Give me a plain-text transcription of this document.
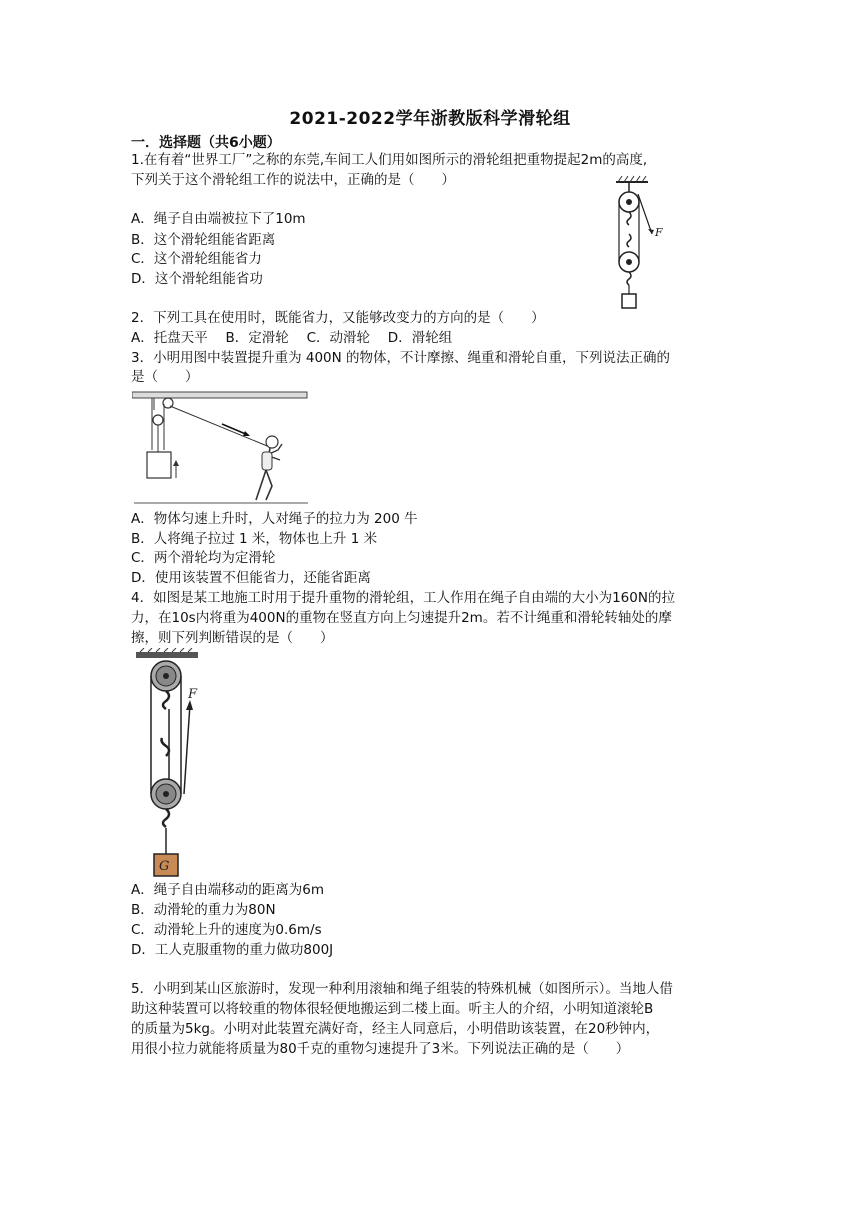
2021-2022学年浙教版科学滑轮组
一．选择题（共6小题）
1.在有着“世界工厂”之称的东莞,车间工人们用如图所示的滑轮组把重物提起2m的高度,
下列关于这个滑轮组工作的说法中，正确的是（　　）
A．绳子自由端被拉下了10m
B．这个滑轮组能省距离
C．这个滑轮组能省力
D．这个滑轮组能省功
F
2．下列工具在使用时，既能省力，又能够改变力的方向的是（　　）
A．托盘天平　 B．定滑轮　 C．动滑轮　 D．滑轮组
3．小明用图中装置提升重为 400N 的物体，不计摩擦、绳重和滑轮自重，下列说法正确的
是（　　）
A．物体匀速上升时，人对绳子的拉力为 200 牛
B．人将绳子拉过 1 米，物体也上升 1 米
C．两个滑轮均为定滑轮
D．使用该装置不但能省力，还能省距离
4．如图是某工地施工时用于提升重物的滑轮组，工人作用在绳子自由端的大小为160N的拉
力，在10s内将重为400N的重物在竖直方向上匀速提升2m。若不计绳重和滑轮转轴处的摩
擦，则下列判断错误的是（　　）
F
G
A．绳子自由端移动的距离为6m
B．动滑轮的重力为80N
C．动滑轮上升的速度为0.6m/s
D．工人克服重物的重力做功800J
5．小明到某山区旅游时，发现一种利用滚轴和绳子组装的特殊机械（如图所示）。当地人借
助这种装置可以将较重的物体很轻便地搬运到二楼上面。听主人的介绍，小明知道滚轮B
的质量为5kg。小明对此装置充满好奇，经主人同意后，小明借助该装置，在20秒钟内，
用很小拉力就能将质量为80千克的重物匀速提升了3米。下列说法正确的是（　　）
